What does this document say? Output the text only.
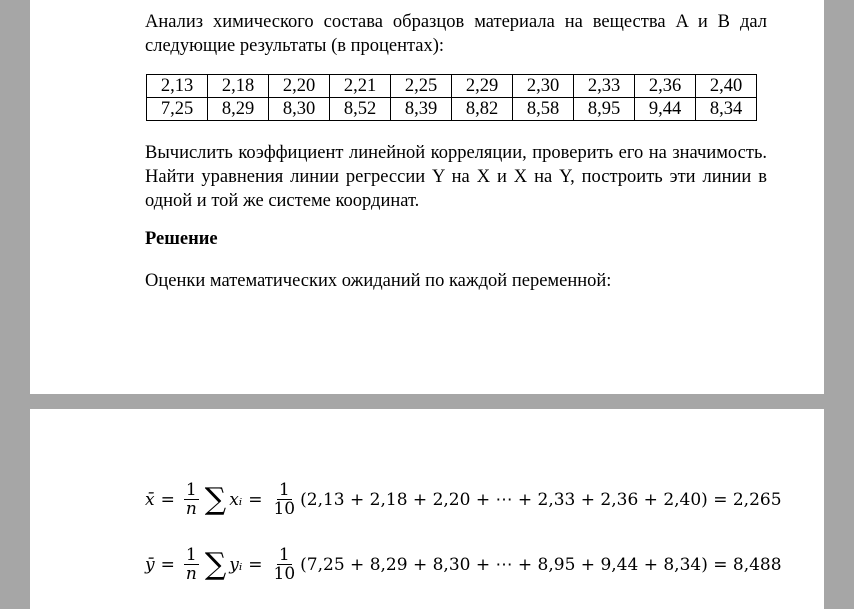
Анализ химического состава образцов материала на вещества A и B дал
следующие результаты (в процентах):

2,13	2,18	2,20	2,21	2,25	2,29	2,30	2,33	2,36	2,40
7,25	8,29	8,30	8,52	8,39	8,82	8,58	8,95	9,44	8,34

Вычислить коэффициент линейной корреляции, проверить его на значимость.
Найти уравнения линии регрессии Y на X и X на Y, построить эти линии в
одной и той же системе координат.

Решение

Оценки математических ожиданий по каждой переменной:

x̄ = $\frac{1}{n}$ ∑ xᵢ = $\frac{1}{10} (2,13 + 2,18 + 2,20$ + ⋯ + 2,33 + 2,36 + 2,40) = 2,265
ȳ = $\frac{1}{n}$ ∑ yᵢ = $\frac{1}{10} (7,25 + 8,29 + 8,30$ + ⋯ + 8,95 + 9,44 + 8,34) = 8,488
